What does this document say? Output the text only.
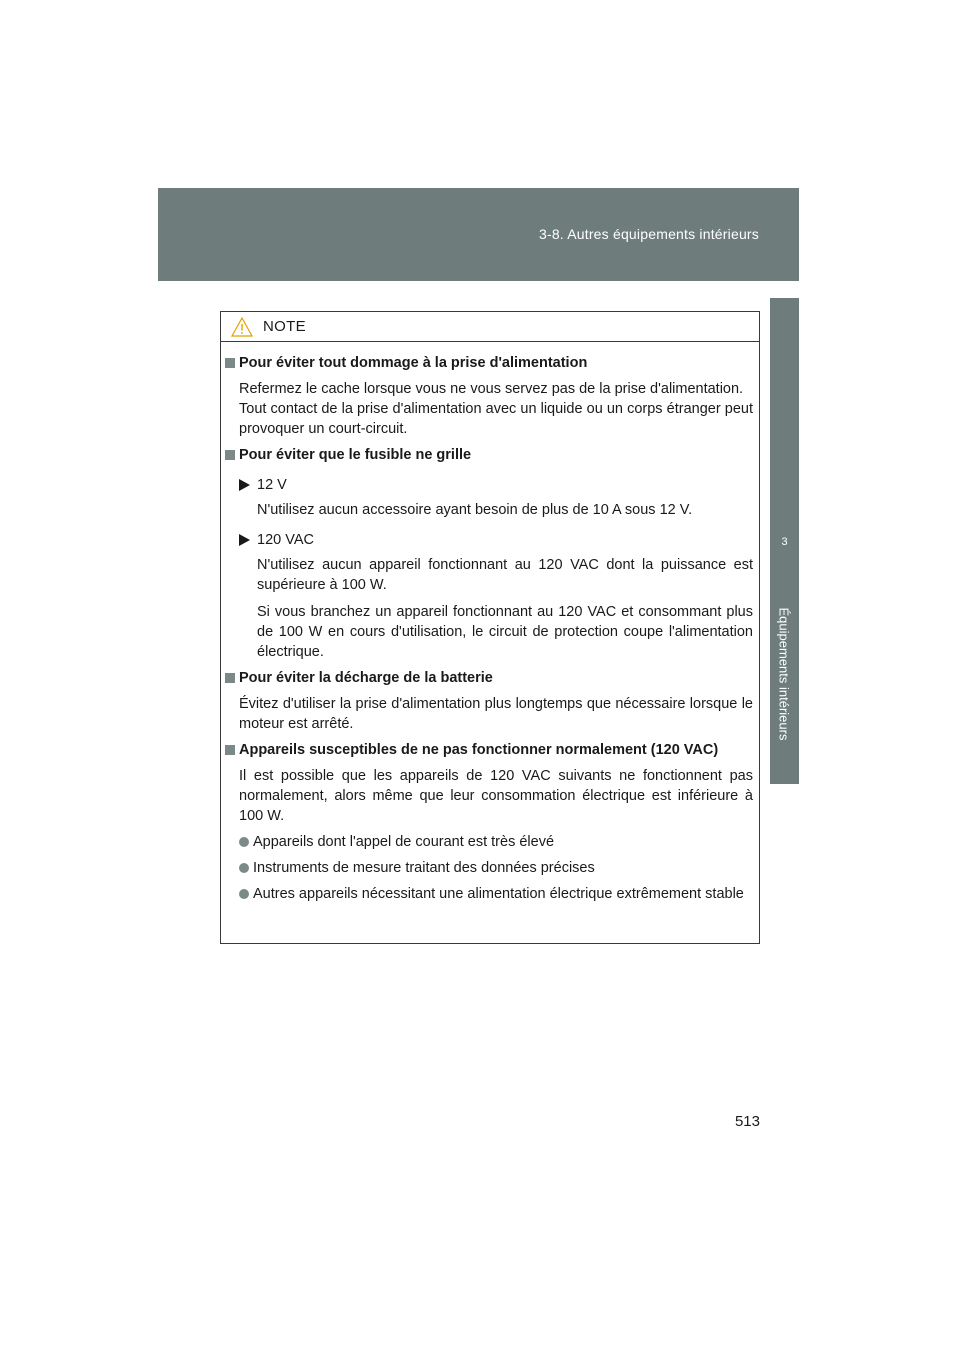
3-8. Autres équipements intérieurs
3
Équipements intérieurs
NOTE
Pour éviter tout dommage à la prise d'alimentation
Refermez le cache lorsque vous ne vous servez pas de la prise d'alimentation.
Tout contact de la prise d'alimentation avec un liquide ou un corps étranger peut provoquer un court-circuit.
Pour éviter que le fusible ne grille
12 V
N'utilisez aucun accessoire ayant besoin de plus de 10 A sous 12 V.
120 VAC
N'utilisez aucun appareil fonctionnant au 120 VAC dont la puissance est supérieure à 100 W.
Si vous branchez un appareil fonctionnant au 120 VAC et consommant plus de 100 W en cours d'utilisation, le circuit de protection coupe l'alimentation électrique.
Pour éviter la décharge de la batterie
Évitez d'utiliser la prise d'alimentation plus longtemps que nécessaire lorsque le moteur est arrêté.
Appareils susceptibles de ne pas fonctionner normalement (120 VAC)
Il est possible que les appareils de 120 VAC suivants ne fonctionnent pas normalement, alors même que leur consommation électrique est inférieure à 100 W.
Appareils dont l'appel de courant est très élevé
Instruments de mesure traitant des données précises
Autres appareils nécessitant une alimentation électrique extrêmement stable
513
